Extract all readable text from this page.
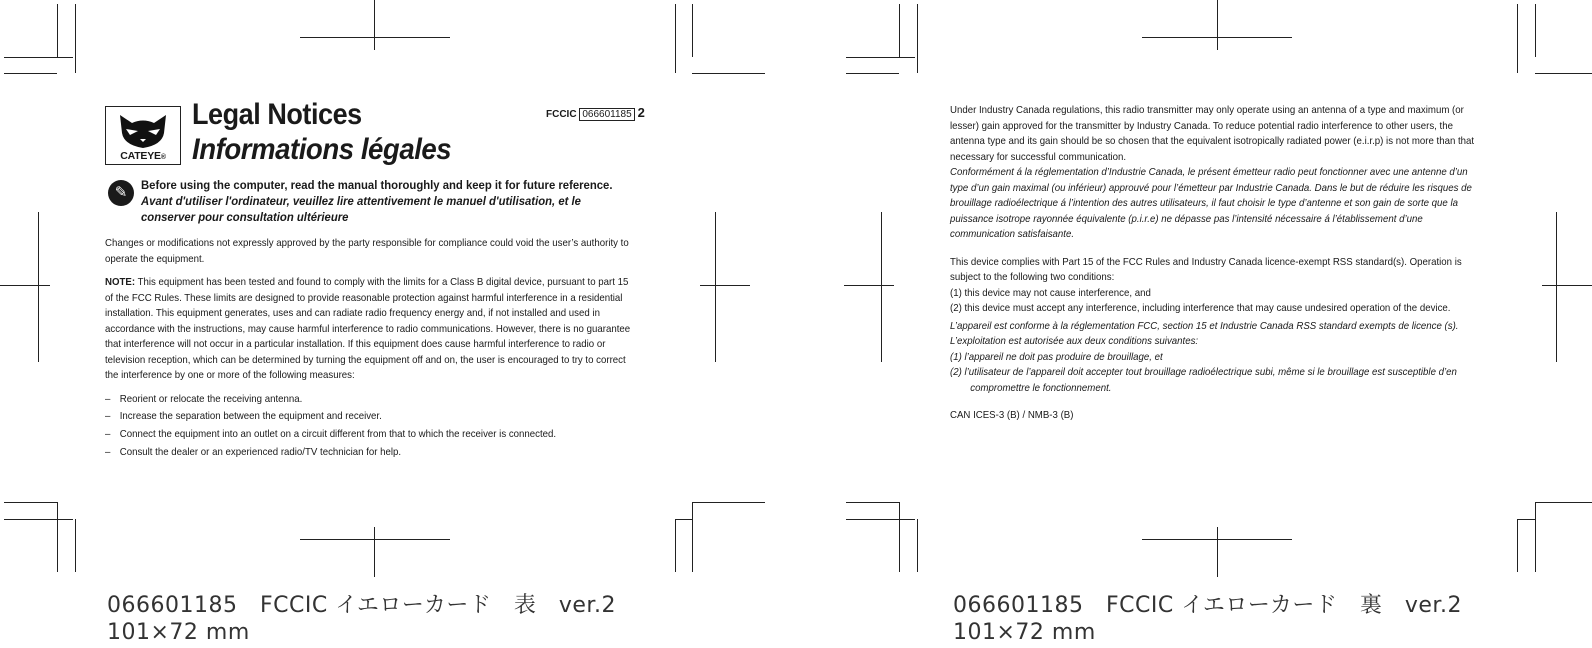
CATEYE®
Legal Notices
Informations légales
FCCIC 066601185 2
✎	Before using the computer, read the manual thoroughly and keep it for future reference.
Avant d'utiliser l'ordinateur, veuillez lire attentivement le manuel d'utilisation, et le conserver pour consultation ultérieure

Changes or modifications not expressly approved by the party responsible for compliance could void the user’s authority to operate the equipment.

NOTE: This equipment has been tested and found to comply with the limits for a Class B digital device, pursuant to part 15 of the FCC Rules. These limits are designed to provide reasonable protection against harmful interference in a residential installation. This equipment generates, uses and can radiate radio frequency energy and, if not installed and used in accordance with the instructions, may cause harmful interference to radio communications. However, there is no guarantee that interference will not occur in a particular installation. If this equipment does cause harmful interference to radio or television reception, which can be determined by turning the equipment off and on, the user is encouraged to try to correct the interference by one or more of the following measures:

– Reorient or relocate the receiving antenna.
– Increase the separation between the equipment and receiver.
– Connect the equipment into an outlet on a circuit different from that to which the receiver is connected.
– Consult the dealer or an experienced radio/TV technician for help.
066601185　FCCIC イエローカード　表　ver.2
101×72 mm

Under Industry Canada regulations, this radio transmitter may only operate using an antenna of a type and maximum (or lesser) gain approved for the transmitter by Industry Canada. To reduce potential radio interference to other users, the antenna type and its gain should be so chosen that the equivalent isotropically radiated power (e.i.r.p) is not more than that necessary for successful communication.

Conformément á la réglementation d’Industrie Canada, le présent émetteur radio peut fonctionner avec une antenne d’un type d’un gain maximal (ou inférieur) approuvé pour l’émetteur par Industrie Canada. Dans le but de réduire les risques de brouillage radioélectrique á l’intention des autres utilisateurs, il faut choisir le type d’antenne et son gain de sorte que la puissance isotrope rayonnée équivalente (p.i.r.e) ne dépasse pas l’intensité nécessaire á l’établissement d’une communication satisfaisante.

This device complies with Part 15 of the FCC Rules and Industry Canada licence-exempt RSS standard(s). Operation is subject to the following two conditions:

(1) this device may not cause interference, and

(2) this device must accept any interference, including interference that may cause undesired operation of the device.

L’appareil est conforme à la réglementation FCC, section 15 et Industrie Canada RSS standard exempts de licence (s). L’exploitation est autorisée aux deux conditions suivantes:

(1) l’appareil ne doit pas produire de brouillage, et

(2) l’utilisateur de l’appareil doit accepter tout brouillage radioélectrique subi, même si le brouillage est susceptible d’en compromettre le fonctionnement.

CAN ICES-3 (B) / NMB-3 (B)

066601185　FCCIC イエローカード　裏　ver.2
101×72 mm
